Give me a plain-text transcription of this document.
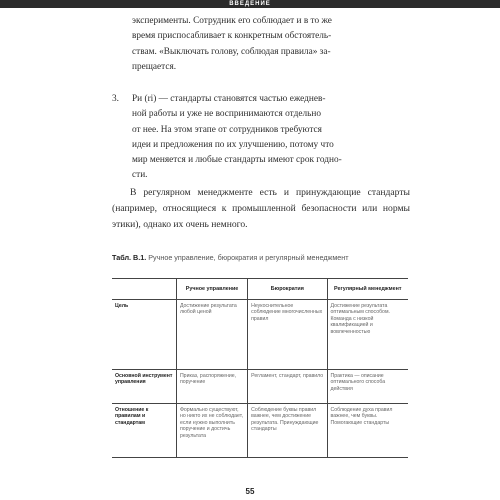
ВВЕДЕНИЕ

эксперименты. Сотрудник его соблюдает и в то же

время приспосабливает к конкретным обстоятель-

ствам. «Выключать голову, соблюдая правила» за-

прещается.

3. Ри (ri) — стандарты становятся частью ежеднев-
ной работы и уже не воспринимаются отдельно
от нее. На этом этапе от сотрудников требуются
идеи и предложения по их улучшению, потому что
мир меняется и любые стандарты имеют срок годно-
сти.
В регулярном менеджменте есть и принуждающие стандарты (например, относящиеся к промышленной безопасности или нормы этики), однако их очень немного.
Табл. В.1. Ручное управление, бюрократия и регулярный менеджмент
	Ручное управление	Бюрократия	Регулярный менеджмент
Цель	Достижение результата любой ценой	Неукоснительное соблюдение многочисленных правил	Достижение результата оптимальным способом. Команда с низкой квалификацией и вовлеченностью
Основной инструмент управления	Приказ, распоряжение, поручение	Регламент, стандарт, правило	Практика — описание оптимального способа действия
Отношение к правилам и стандартам	Формально существуют, но никто их не соблюдает, если нужно выполнить поручение и достичь результата	Соблюдение буквы правил важнее, чем достижение результата. Принуждающие стандарты	Соблюдение духа правил важнее, чем буквы. Помогающие стандарты
55
